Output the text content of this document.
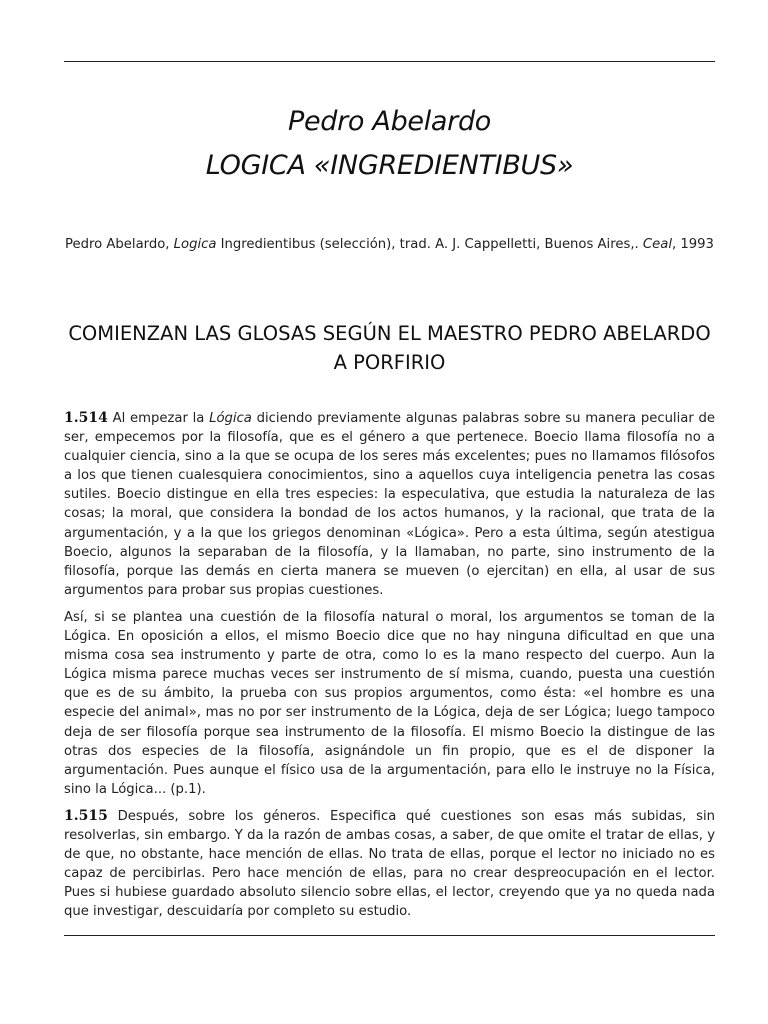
Pedro Abelardo
LOGICA «INGREDIENTIBUS»
Pedro Abelardo, Logica Ingredientibus (selección), trad. A. J. Cappelletti, Buenos Aires,. Ceal, 1993
COMIENZAN LAS GLOSAS SEGÚN EL MAESTRO PEDRO ABELARDO A PORFIRIO

1.514 Al empezar la Lógica diciendo previamente algunas palabras sobre su manera peculiar de ser, empecemos por la filosofía, que es el género a que pertenece. Boecio llama filosofía no a cualquier ciencia, sino a la que se ocupa de los seres más excelentes; pues no llamamos filósofos a los que tienen cualesquiera conocimientos, sino a aquellos cuya inteligencia penetra las cosas sutiles. Boecio distingue en ella tres especies: la especulativa, que estudia la naturaleza de las cosas; la moral, que considera la bondad de los actos humanos, y la racional, que trata de la argumentación, y a la que los griegos denominan «Lógica». Pero a esta última, según atestigua Boecio, algunos la separaban de la filosofía, y la llamaban, no parte, sino instrumento de la filosofía, porque las demás en cierta manera se mueven (o ejercitan) en ella, al usar de sus argumentos para probar sus propias cuestiones.

Así, si se plantea una cuestión de la filosofía natural o moral, los argumentos se toman de la Lógica. En oposición a ellos, el mismo Boecio dice que no hay ninguna dificultad en que una misma cosa sea instrumento y parte de otra, como lo es la mano respecto del cuerpo. Aun la Lógica misma parece muchas veces ser instrumento de sí misma, cuando, puesta una cuestión que es de su ámbito, la prueba con sus propios argumentos, como ésta: «el hombre es una especie del animal», mas no por ser instrumento de la Lógica, deja de ser Lógica; luego tampoco deja de ser filosofía porque sea instrumento de la filosofía. El mismo Boecio la distingue de las otras dos especies de la filosofía, asignándole un fin propio, que es el de disponer la argumentación. Pues aunque el físico usa de la argumentación, para ello le instruye no la Física, sino la Lógica... (p.1).

1.515 Después, sobre los géneros. Especifica qué cuestiones son esas más subidas, sin resolverlas, sin embargo. Y da la razón de ambas cosas, a saber, de que omite el tratar de ellas, y de que, no obstante, hace mención de ellas. No trata de ellas, porque el lector no iniciado no es capaz de percibirlas. Pero hace mención de ellas, para no crear despreocupación en el lector. Pues si hubiese guardado absoluto silencio sobre ellas, el lector, creyendo que ya no queda nada que investigar, descuidaría por completo su estudio.
